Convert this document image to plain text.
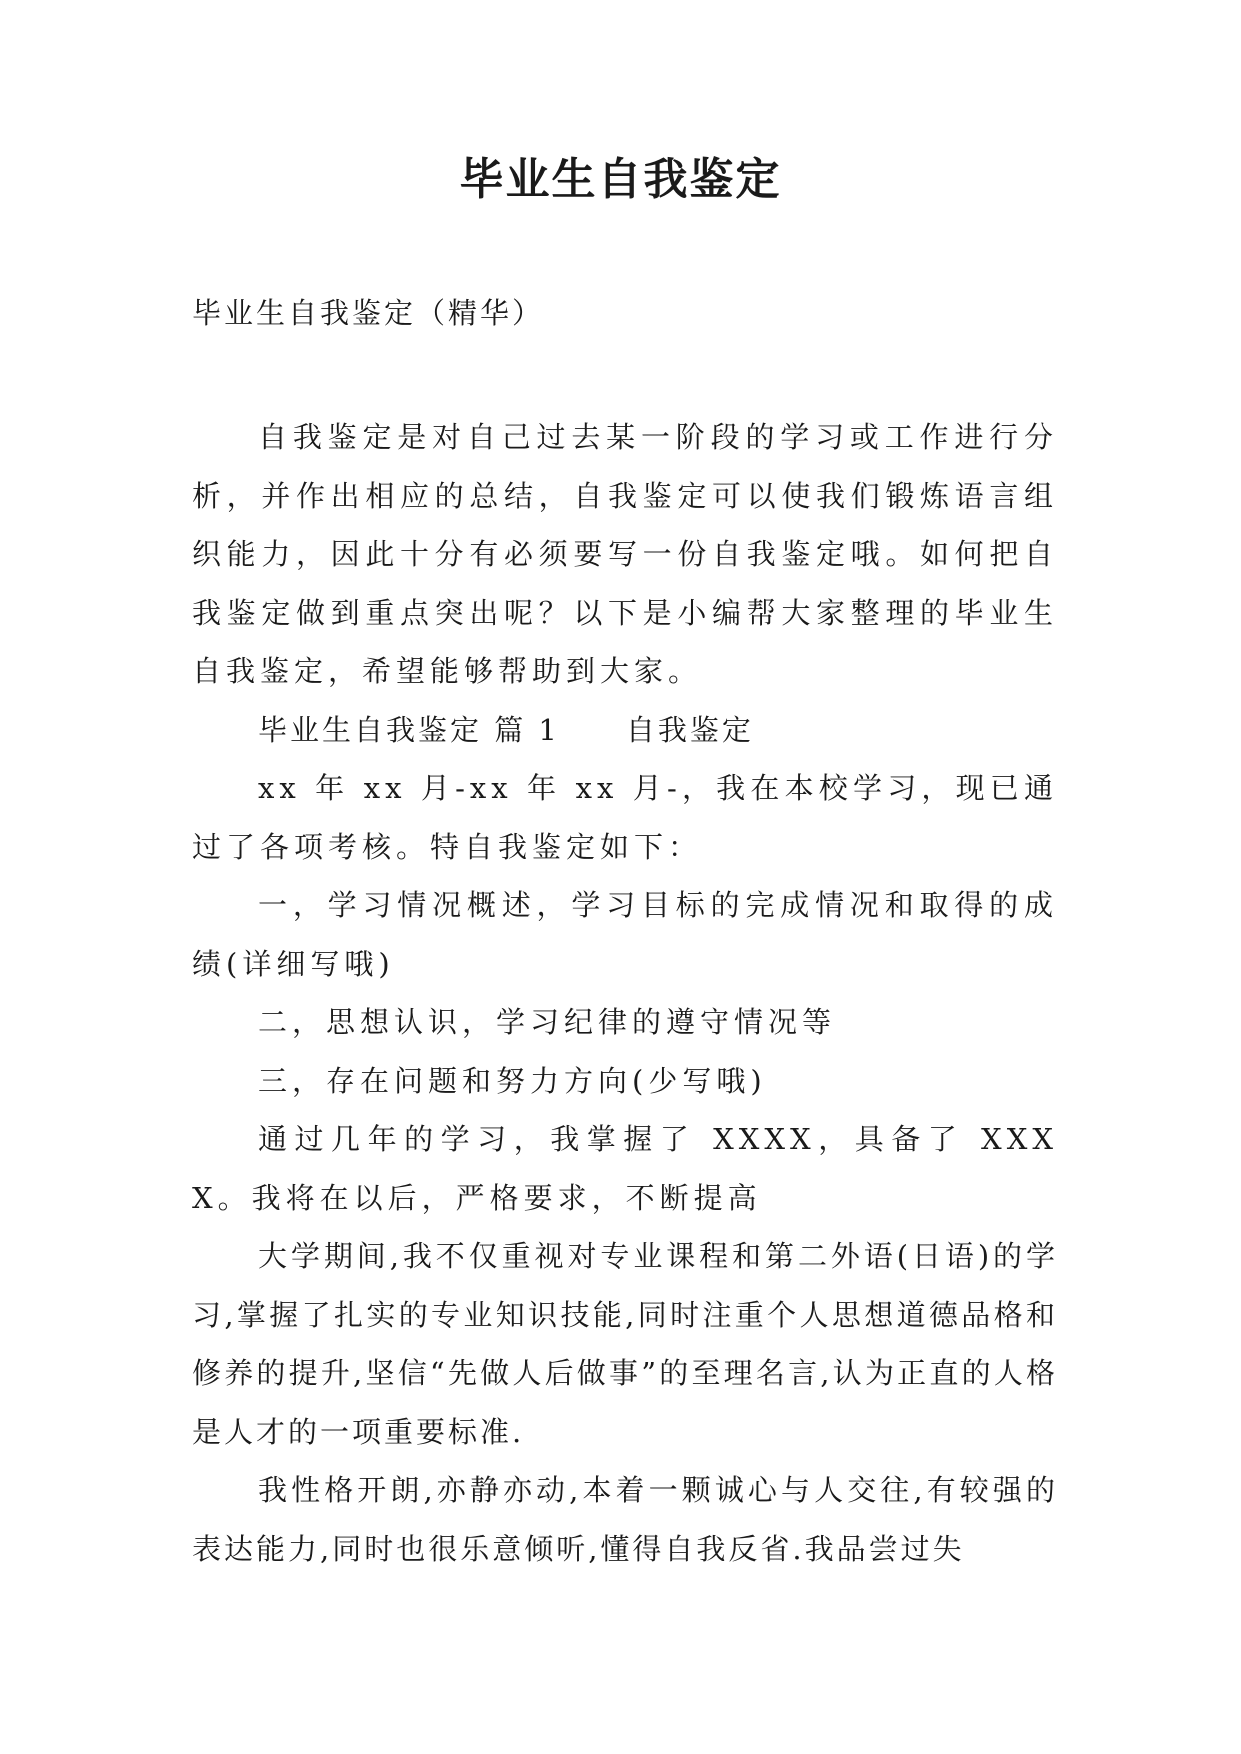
毕业生自我鉴定
毕业生自我鉴定（精华）

自我鉴定是对自己过去某一阶段的学习或工作进行分析，并作出相应的总结，自我鉴定可以使我们锻炼语言组织能力，因此十分有必须要写一份自我鉴定哦。如何把自我鉴定做到重点突出呢？以下是小编帮大家整理的毕业生自我鉴定，希望能够帮助到大家。

毕业生自我鉴定 篇 1 自我鉴定

xx 年 xx 月-xx 年 xx 月-，我在本校学习，现已通过了各项考核。特自我鉴定如下：

一，学习情况概述，学习目标的完成情况和取得的成绩(详细写哦)

二，思想认识，学习纪律的遵守情况等

三，存在问题和努力方向(少写哦)

通过几年的学习，我掌握了 XXXX，具备了 XXXX。我将在以后，严格要求，不断提高

大学期间,我不仅重视对专业课程和第二外语(日语)的学习,掌握了扎实的专业知识技能,同时注重个人思想道德品格和修养的提升,坚信“先做人后做事”的至理名言,认为正直的人格是人才的一项重要标准.

我性格开朗,亦静亦动,本着一颗诚心与人交往,有较强的表达能力,同时也很乐意倾听,懂得自我反省.我品尝过失
